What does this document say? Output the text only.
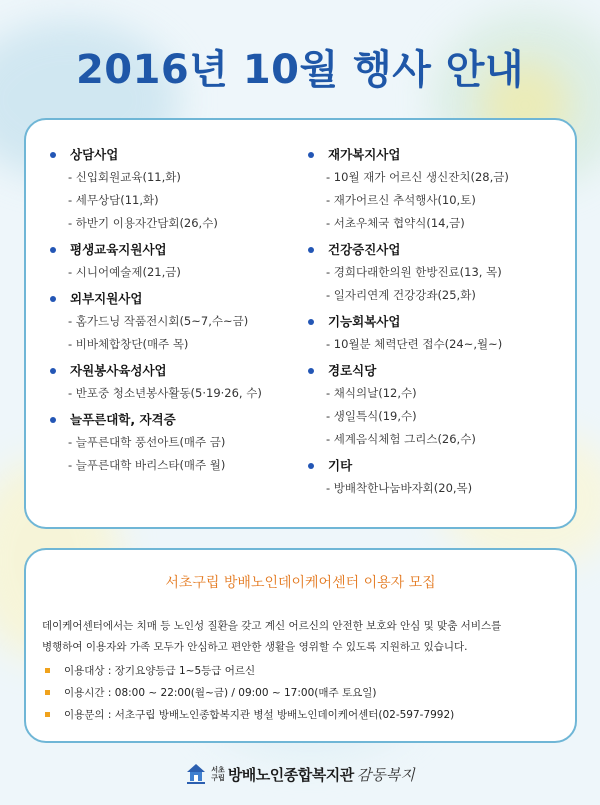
2016년 10월 행사 안내
상담사업
- 신입회원교육(11,화)
- 세무상담(11,화)
- 하반기 이용자간담회(26,수)
평생교육지원사업
- 시니어예술제(21,금)
외부지원사업
- 홈가드닝 작품전시회(5~7,수~금)
- 비바체합창단(매주 목)
자원봉사육성사업
- 반포중 청소년봉사활동(5·19·26, 수)
늘푸른대학, 자격증
- 늘푸른대학 풍선아트(매주 금)
- 늘푸른대학 바리스타(매주 월)
재가복지사업
- 10월 재가 어르신 생신잔치(28,금)
- 재가어르신 추석행사(10,토)
- 서초우체국 협약식(14,금)
건강증진사업
- 경희다래한의원 한방진료(13, 목)
- 일자리연계 건강강좌(25,화)
기능회복사업
- 10월분 체력단련 접수(24~,월~)
경로식당
- 채식의날(12,수)
- 생일특식(19,수)
- 세계음식체험 그리스(26,수)
기타
- 방배착한나눔바자회(20,목)
서초구립 방배노인데이케어센터 이용자 모집
데이케어센터에서는 치매 등 노인성 질환을 갖고 계신 어르신의 안전한 보호와 안심 및 맞춤 서비스를
병행하여 이용자와 가족 모두가 안심하고 편안한 생활을 영위할 수 있도록 지원하고 있습니다.
이용대상 : 장기요양등급 1~5등급 어르신
이용시간 : 08:00 ~ 22:00(월~금) / 09:00 ~ 17:00(매주 토요일)
이용문의 : 서초구립 방배노인종합복지관 병설 방배노인데이케어센터(02-597-7992)
서초
구립 방배노인종합복지관 감동복지
